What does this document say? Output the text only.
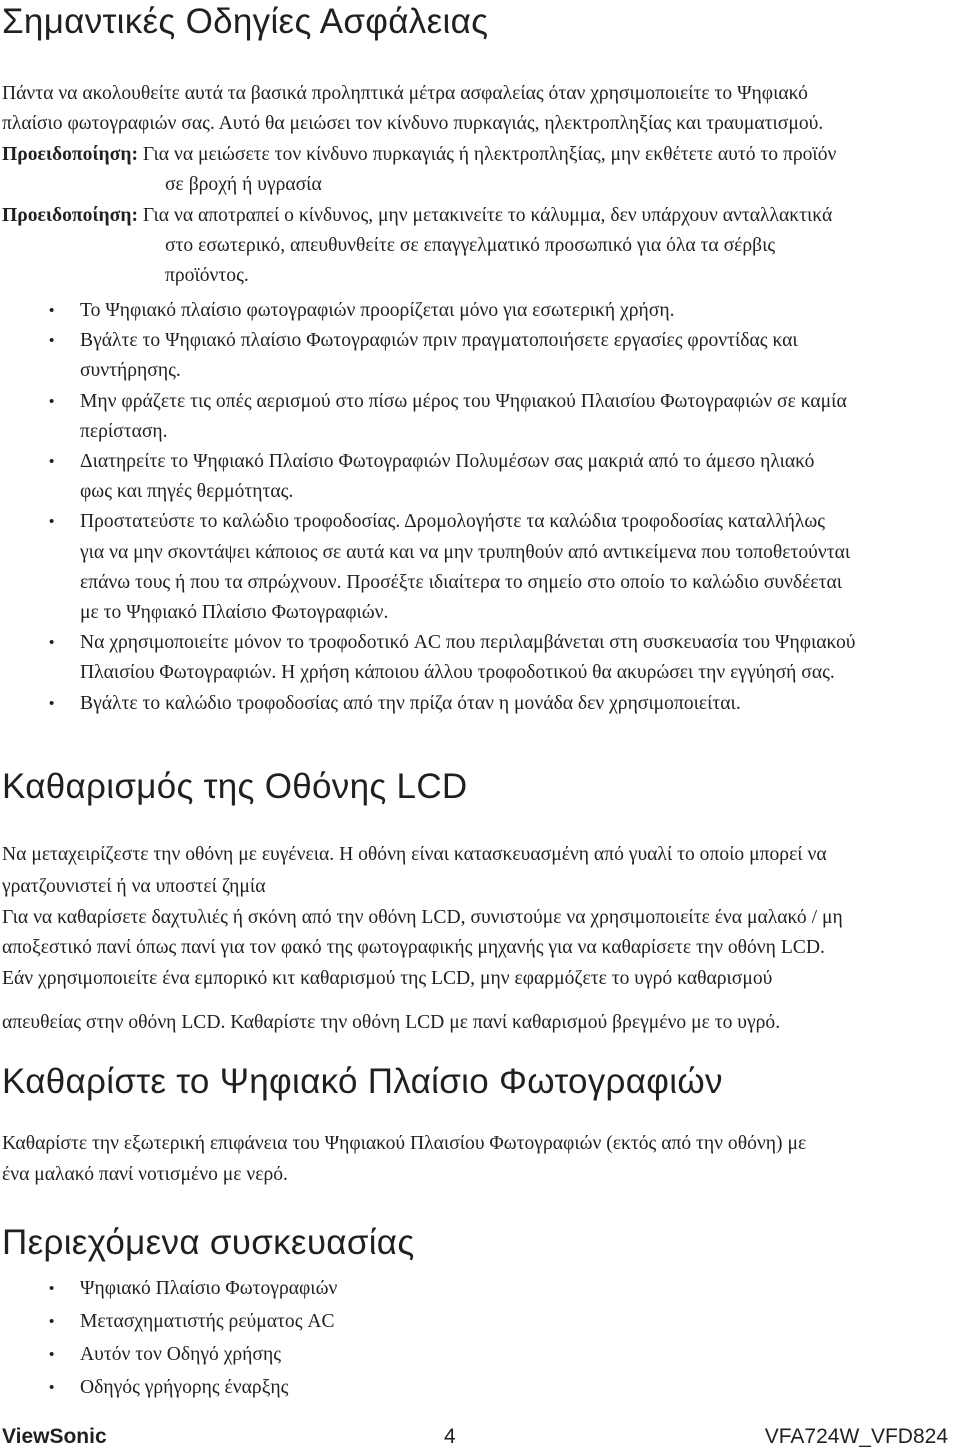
Σημαντικές Οδηγίες Ασφάλειας

Πάντα να ακολουθείτε αυτά τα βασικά προληπτικά μέτρα ασφαλείας όταν χρησιμοποιείτε το Ψηφιακό

πλαίσιο φωτογραφιών σας. Αυτό θα μειώσει τον κίνδυνο πυρκαγιάς, ηλεκτροπληξίας και τραυματισμού.

Προειδοποίηση: Για να μειώσετε τον κίνδυνο πυρκαγιάς ή ηλεκτροπληξίας, μην εκθέτετε αυτό το προϊόν
σε βροχή ή υγρασία
Προειδοποίηση: Για να αποτραπεί ο κίνδυνος, μην μετακινείτε το κάλυμμα, δεν υπάρχουν ανταλλακτικά
στο εσωτερικό, απευθυνθείτε σε επαγγελματικό προσωπικό για όλα τα σέρβις
προϊόντος.
• Το Ψηφιακό πλαίσιο φωτογραφιών προορίζεται μόνο για εσωτερική χρήση.
• Βγάλτε το Ψηφιακό πλαίσιο Φωτογραφιών πριν πραγματοποιήσετε εργασίες φροντίδας και
συντήρησης.
• Μην φράζετε τις οπές αερισμού στο πίσω μέρος του Ψηφιακού Πλαισίου Φωτογραφιών σε καμία
περίσταση.
• Διατηρείτε το Ψηφιακό Πλαίσιο Φωτογραφιών Πολυμέσων σας μακριά από το άμεσο ηλιακό
φως και πηγές θερμότητας.
• Προστατεύστε το καλώδιο τροφοδοσίας. Δρομολογήστε τα καλώδια τροφοδοσίας καταλλήλως
για να μην σκοντάψει κάποιος σε αυτά και να μην τρυπηθούν από αντικείμενα που τοποθετούνται
επάνω τους ή που τα σπρώχνουν. Προσέξτε ιδιαίτερα το σημείο στο οποίο το καλώδιο συνδέεται
με το Ψηφιακό Πλαίσιο Φωτογραφιών.
• Να χρησιμοποιείτε μόνον το τροφοδοτικό AC που περιλαμβάνεται στη συσκευασία του Ψηφιακού
Πλαισίου Φωτογραφιών. Η χρήση κάποιου άλλου τροφοδοτικού θα ακυρώσει την εγγύησή σας.
• Βγάλτε το καλώδιο τροφοδοσίας από την πρίζα όταν η μονάδα δεν χρησιμοποιείται.
Καθαρισμός της Οθόνης LCD

Να μεταχειρίζεστε την οθόνη με ευγένεια. Η οθόνη είναι κατασκευασμένη από γυαλί το οποίο μπορεί να

γρατζουνιστεί ή να υποστεί ζημία

Για να καθαρίσετε δαχτυλιές ή σκόνη από την οθόνη LCD, συνιστούμε να χρησιμοποιείτε ένα μαλακό / μη

αποξεστικό πανί όπως πανί για τον φακό της φωτογραφικής μηχανής για να καθαρίσετε την οθόνη LCD.

Εάν χρησιμοποιείτε ένα εμπορικό κιτ καθαρισμού της LCD, μην εφαρμόζετε το υγρό καθαρισμού

απευθείας στην οθόνη LCD. Καθαρίστε την οθόνη LCD με πανί καθαρισμού βρεγμένο με το υγρό.

Καθαρίστε το Ψηφιακό Πλαίσιο Φωτογραφιών

Καθαρίστε την εξωτερική επιφάνεια του Ψηφιακού Πλαισίου Φωτογραφιών (εκτός από την οθόνη) με

ένα μαλακό πανί νοτισμένο με νερό.

Περιεχόμενα συσκευασίας
• Ψηφιακό Πλαίσιο Φωτογραφιών
• Μετασχηματιστής ρεύματος AC
• Αυτόν τον Οδηγό χρήσης
• Οδηγός γρήγορης έναρξης
ViewSonic	4	VFA724W_VFD824
